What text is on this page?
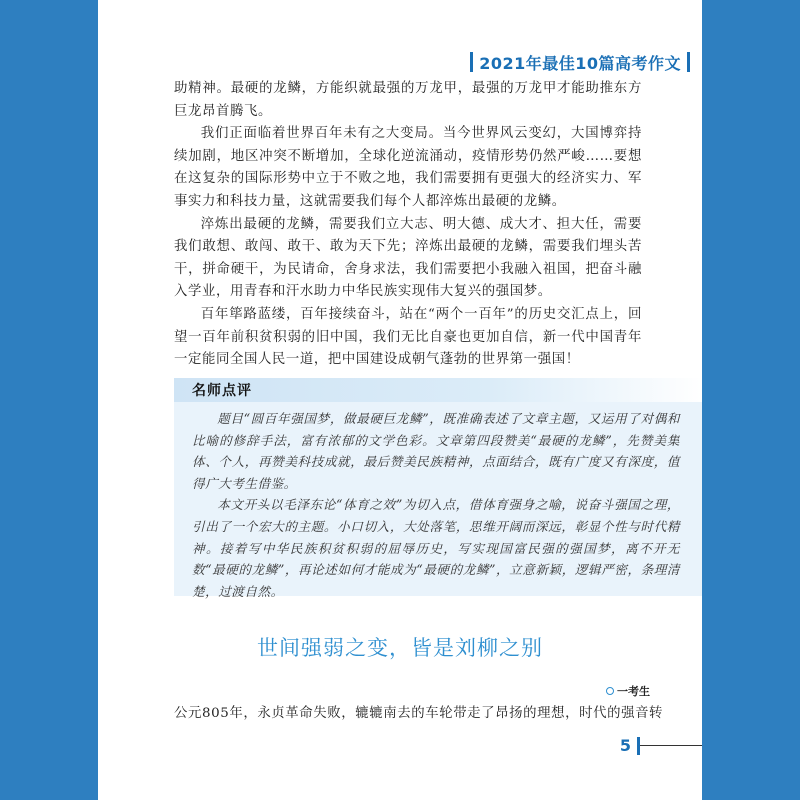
2021年最佳10篇高考作文

助精神。最硬的龙鳞，方能织就最强的万龙甲，最强的万龙甲才能助推东方巨龙昂首腾飞。

我们正面临着世界百年未有之大变局。当今世界风云变幻，大国博弈持续加剧，地区冲突不断增加，全球化逆流涌动，疫情形势仍然严峻……要想在这复杂的国际形势中立于不败之地，我们需要拥有更强大的经济实力、军事实力和科技力量，这就需要我们每个人都淬炼出最硬的龙鳞。

淬炼出最硬的龙鳞，需要我们立大志、明大德、成大才、担大任，需要我们敢想、敢闯、敢干、敢为天下先；淬炼出最硬的龙鳞，需要我们埋头苦干，拼命硬干，为民请命，舍身求法，我们需要把小我融入祖国，把奋斗融入学业，用青春和汗水助力中华民族实现伟大复兴的强国梦。

百年筚路蓝缕，百年接续奋斗，站在“两个一百年”的历史交汇点上，回望一百年前积贫积弱的旧中国，我们无比自豪也更加自信，新一代中国青年一定能同全国人民一道，把中国建设成朝气蓬勃的世界第一强国！

名师点评

题目“圆百年强国梦，做最硬巨龙鳞”，既准确表述了文章主题，又运用了对偶和比喻的修辞手法，富有浓郁的文学色彩。文章第四段赞美“最硬的龙鳞”，先赞美集体、个人，再赞美科技成就，最后赞美民族精神，点面结合，既有广度又有深度，值得广大考生借鉴。

本文开头以毛泽东论“体育之效”为切入点，借体育强身之喻，说奋斗强国之理，引出了一个宏大的主题。小口切入，大处落笔，思维开阔而深远，彰显个性与时代精神。接着写中华民族积贫积弱的屈辱历史，写实现国富民强的强国梦，离不开无数“最硬的龙鳞”，再论述如何才能成为“最硬的龙鳞”，立意新颖，逻辑严密，条理清楚，过渡自然。

世间强弱之变，皆是刘柳之别
一考生
公元805年，永贞革命失败，辘辘南去的车轮带走了昂扬的理想，时代的强音转
5
